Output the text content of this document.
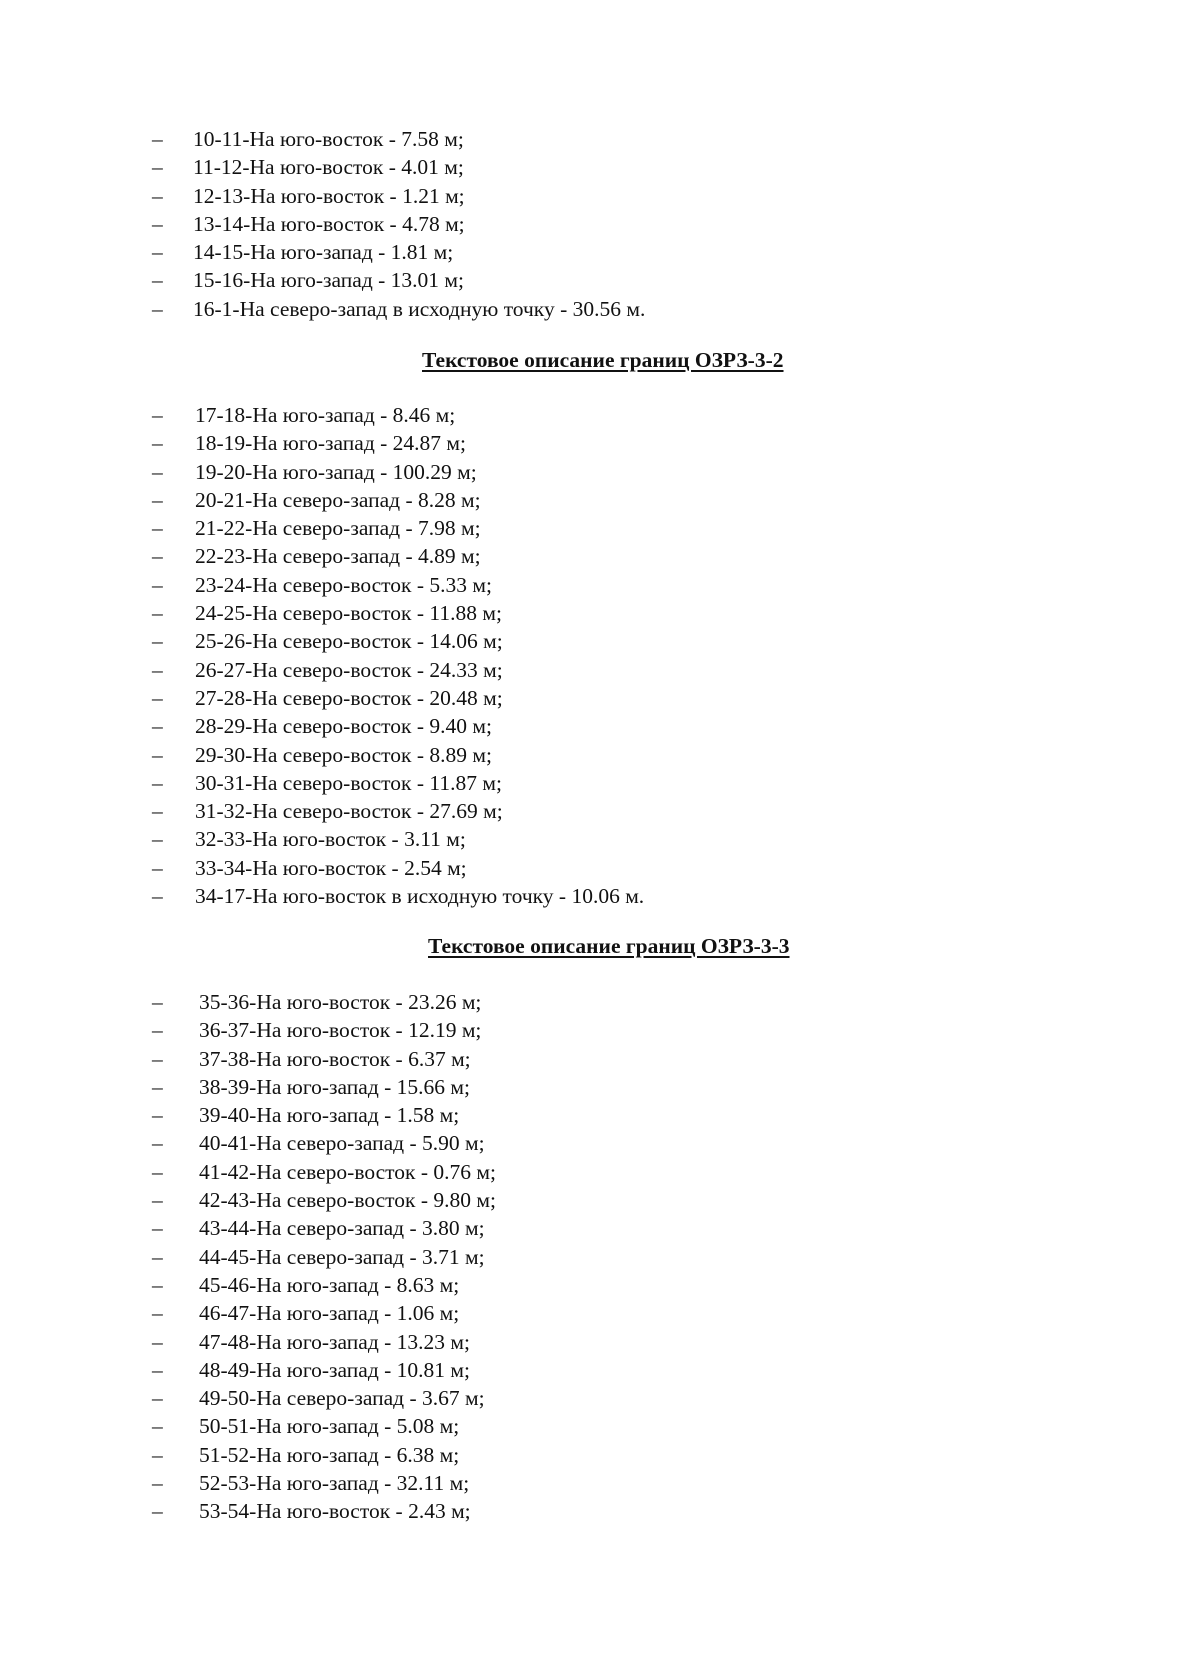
– 10-11-На юго-восток - 7.58 м;
– 11-12-На юго-восток - 4.01 м;
– 12-13-На юго-восток - 1.21 м;
– 13-14-На юго-восток - 4.78 м;
– 14-15-На юго-запад - 1.81 м;
– 15-16-На юго-запад - 13.01 м;
– 16-1-На северо-запад в исходную точку - 30.56 м.
Текстовое описание границ ОЗРЗ-3-2
– 17-18-На юго-запад - 8.46 м;
– 18-19-На юго-запад - 24.87 м;
– 19-20-На юго-запад - 100.29 м;
– 20-21-На северо-запад - 8.28 м;
– 21-22-На северо-запад - 7.98 м;
– 22-23-На северо-запад - 4.89 м;
– 23-24-На северо-восток - 5.33 м;
– 24-25-На северо-восток - 11.88 м;
– 25-26-На северо-восток - 14.06 м;
– 26-27-На северо-восток - 24.33 м;
– 27-28-На северо-восток - 20.48 м;
– 28-29-На северо-восток - 9.40 м;
– 29-30-На северо-восток - 8.89 м;
– 30-31-На северо-восток - 11.87 м;
– 31-32-На северо-восток - 27.69 м;
– 32-33-На юго-восток - 3.11 м;
– 33-34-На юго-восток - 2.54 м;
– 34-17-На юго-восток в исходную точку - 10.06 м.
Текстовое описание границ ОЗРЗ-3-3
– 35-36-На юго-восток - 23.26 м;
– 36-37-На юго-восток - 12.19 м;
– 37-38-На юго-восток - 6.37 м;
– 38-39-На юго-запад - 15.66 м;
– 39-40-На юго-запад - 1.58 м;
– 40-41-На северо-запад - 5.90 м;
– 41-42-На северо-восток - 0.76 м;
– 42-43-На северо-восток - 9.80 м;
– 43-44-На северо-запад - 3.80 м;
– 44-45-На северо-запад - 3.71 м;
– 45-46-На юго-запад - 8.63 м;
– 46-47-На юго-запад - 1.06 м;
– 47-48-На юго-запад - 13.23 м;
– 48-49-На юго-запад - 10.81 м;
– 49-50-На северо-запад - 3.67 м;
– 50-51-На юго-запад - 5.08 м;
– 51-52-На юго-запад - 6.38 м;
– 52-53-На юго-запад - 32.11 м;
– 53-54-На юго-восток - 2.43 м;
